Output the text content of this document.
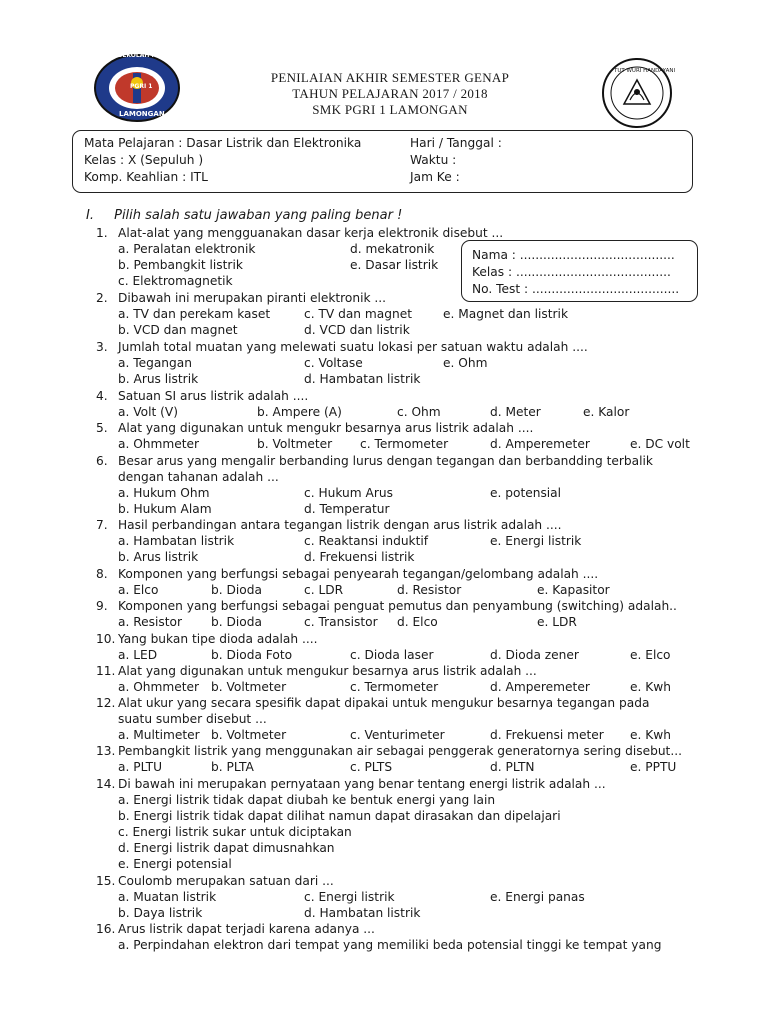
SEKOLAH MENENGAH KEJURUAN
LAMONGAN
PGRI 1
TUT WURI HANDAYANI
PENILAIAN AKHIR SEMESTER GENAP
TAHUN PELAJARAN 2017 / 2018
SMK PGRI 1 LAMONGAN
Mata Pelajaran : Dasar Listrik dan Elektronika
Kelas : X (Sepuluh )
Komp. Keahlian : ITL
Hari / Tanggal :
Waktu :
Jam Ke :
I. Pilih salah satu jawaban yang paling benar !
Nama : ........................................
Kelas : ........................................
No. Test : ......................................
1. Alat-alat yang mengguanakan dasar kerja elektronik disebut ...
a. Peralatan elektronik	d. mekatronik
b. Pembangkit listrik	e. Dasar listrik
c. Elektromagnetik
2. Dibawah ini merupakan piranti elektronik ...
a. TV dan perekam kaset	c. TV dan magnet	e. Magnet dan listrik
b. VCD dan magnet	d. VCD dan listrik
3. Jumlah total muatan yang melewati suatu lokasi per satuan waktu adalah ....
a. Tegangan	c. Voltase	e. Ohm
b. Arus listrik	d. Hambatan listrik
4. Satuan SI arus listrik adalah ....
a. Volt (V)	b. Ampere (A)	c. Ohm	d. Meter	e. Kalor
5. Alat yang digunakan untuk mengukr besarnya arus listrik adalah ....
a. Ohmmeter	b. Voltmeter c. Termometer	d. Amperemeter	e. DC volt
6. Besar arus yang mengalir berbanding lurus dengan tegangan dan berbandding terbalik
dengan tahanan adalah ...
a. Hukum Ohm	c. Hukum Arus	e. potensial
b. Hukum Alam	d. Temperatur
7. Hasil perbandingan antara tegangan listrik dengan arus listrik adalah ....
a. Hambatan listrik	c. Reaktansi induktif	e. Energi listrik
b. Arus listrik	d. Frekuensi listrik
8. Komponen yang berfungsi sebagai penyearah tegangan/gelombang adalah ....
a. Elco	b. Dioda	c. LDR	d. Resistor	e. Kapasitor
9. Komponen yang berfungsi sebagai penguat pemutus dan penyambung (switching) adalah..
a. Resistor b. Dioda	c. Transistor d. Elco	e. LDR
10. Yang bukan tipe dioda adalah ....
a. LED	b. Dioda Foto	c. Dioda laser	d. Dioda zener	e. Elco
11. Alat yang digunakan untuk mengukur besarnya arus listrik adalah ...
a. Ohmmeter b. Voltmeter	c. Termometer	d. Amperemeter	e. Kwh
12. Alat ukur yang secara spesifik dapat dipakai untuk mengukur besarnya tegangan pada
suatu sumber disebut ...
a. Multimeter b. Voltmeter	c. Venturimeter	d. Frekuensi meter e. Kwh
13. Pembangkit listrik yang menggunakan air sebagai penggerak generatornya sering disebut...
a. PLTU	b. PLTA	c. PLTS	d. PLTN	e. PPTU
14. Di bawah ini merupakan pernyataan yang benar tentang energi listrik adalah ...
a. Energi listrik tidak dapat diubah ke bentuk energi yang lain
b. Energi listrik tidak dapat dilihat namun dapat dirasakan dan dipelajari
c. Energi listrik sukar untuk diciptakan
d. Energi listrik dapat dimusnahkan
e. Energi potensial
15. Coulomb merupakan satuan dari ...
a. Muatan listrik	c. Energi listrik	e. Energi panas
b. Daya listrik	d. Hambatan listrik
16. Arus listrik dapat terjadi karena adanya ...
a. Perpindahan elektron dari tempat yang memiliki beda potensial tinggi ke tempat yang
